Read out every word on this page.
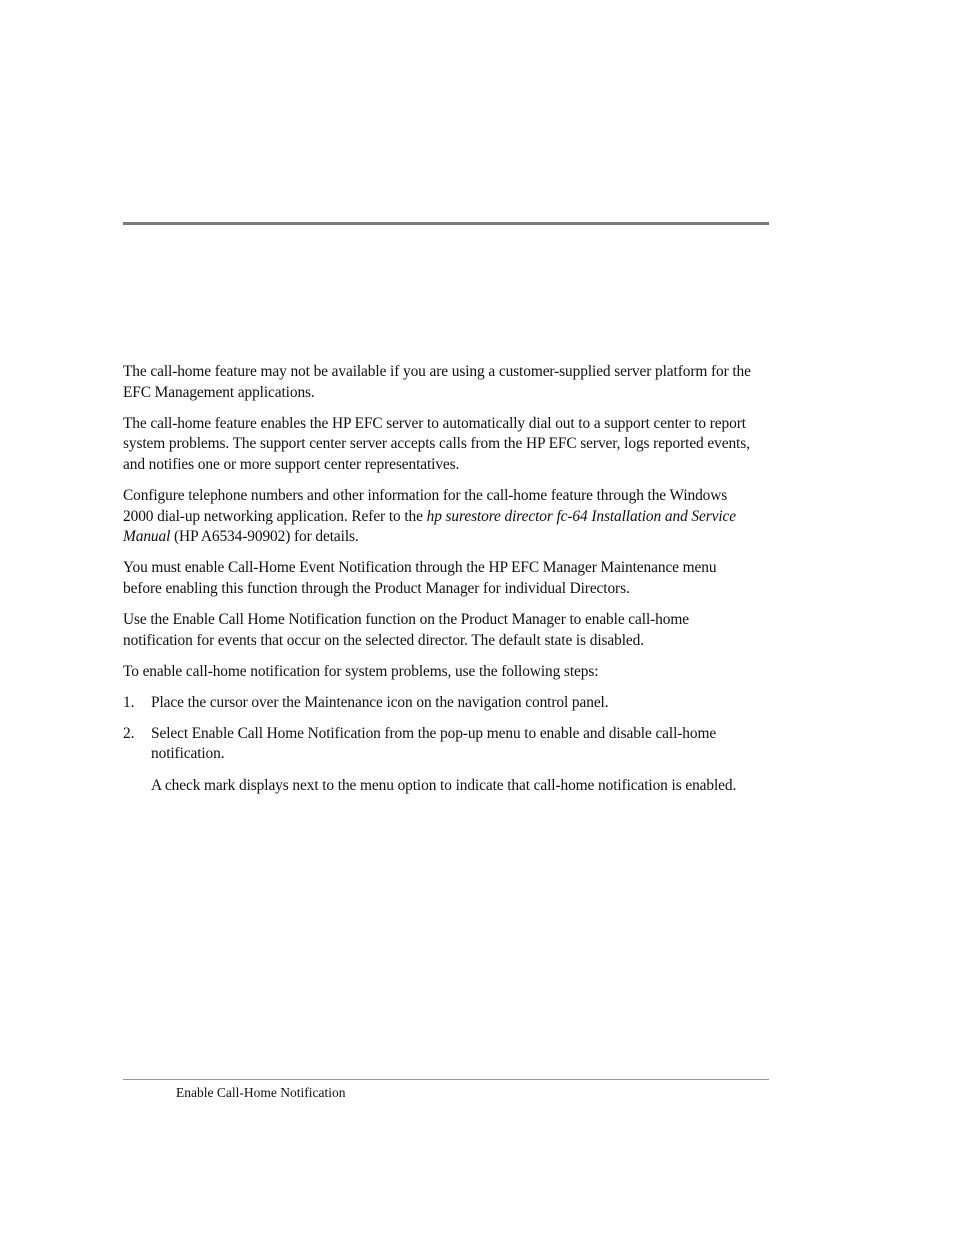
The call-home feature may not be available if you are using a customer-supplied server platform for the EFC Management applications.

The call-home feature enables the HP EFC server to automatically dial out to a support center to report system problems. The support center server accepts calls from the HP EFC server, logs reported events, and notifies one or more support center representatives.

Configure telephone numbers and other information for the call-home feature through the Windows 2000 dial-up networking application. Refer to the hp surestore director fc-64 Installation and Service Manual (HP A6534-90902) for details.

You must enable Call-Home Event Notification through the HP EFC Manager Maintenance menu before enabling this function through the Product Manager for individual Directors.

Use the Enable Call Home Notification function on the Product Manager to enable call-home notification for events that occur on the selected director. The default state is disabled.

To enable call-home notification for system problems, use the following steps:

1. Place the cursor over the Maintenance icon on the navigation control panel.
2. Select Enable Call Home Notification from the pop-up menu to enable and disable call-home notification.
A check mark displays next to the menu option to indicate that call-home notification is enabled.
Enable Call-Home Notification
